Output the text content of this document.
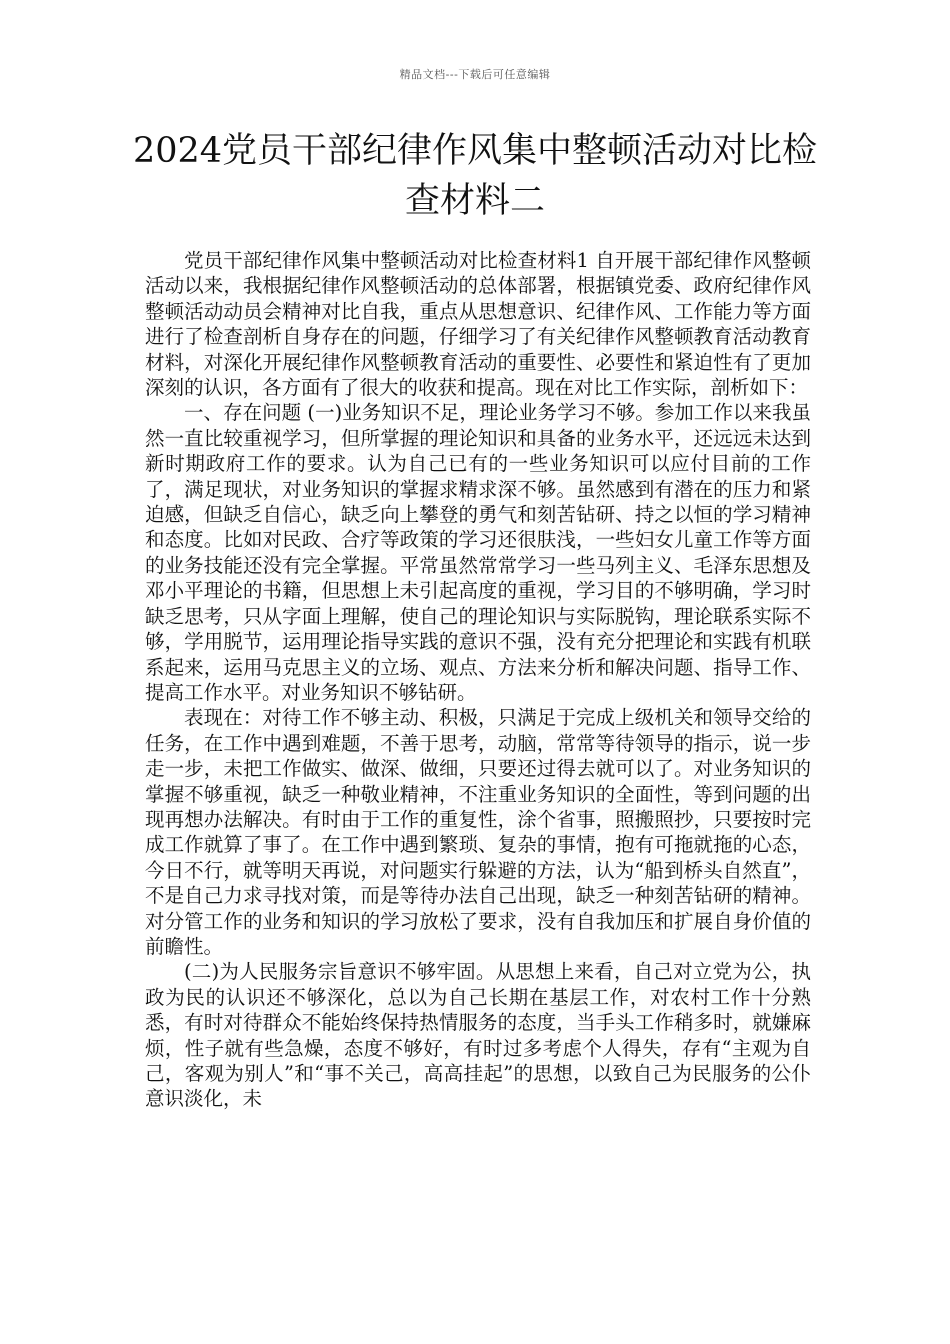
精品文档---下载后可任意编辑
2024党员干部纪律作风集中整顿活动对比检查材料二

党员干部纪律作风集中整顿活动对比检查材料1 自开展干部纪律作风整顿活动以来，我根据纪律作风整顿活动的总体部署，根据镇党委、政府纪律作风整顿活动动员会精神对比自我，重点从思想意识、纪律作风、工作能力等方面进行了检查剖析自身存在的问题，仔细学习了有关纪律作风整顿教育活动教育材料，对深化开展纪律作风整顿教育活动的重要性、必要性和紧迫性有了更加深刻的认识，各方面有了很大的收获和提高。现在对比工作实际，剖析如下：

一、存在问题 (一)业务知识不足，理论业务学习不够。参加工作以来我虽然一直比较重视学习，但所掌握的理论知识和具备的业务水平，还远远未达到新时期政府工作的要求。认为自己已有的一些业务知识可以应付目前的工作了，满足现状，对业务知识的掌握求精求深不够。虽然感到有潜在的压力和紧迫感，但缺乏自信心，缺乏向上攀登的勇气和刻苦钻研、持之以恒的学习精神和态度。比如对民政、合疗等政策的学习还很肤浅，一些妇女儿童工作等方面的业务技能还没有完全掌握。平常虽然常常学习一些马列主义、毛泽东思想及邓小平理论的书籍，但思想上未引起高度的重视，学习目的不够明确，学习时缺乏思考，只从字面上理解，使自己的理论知识与实际脱钩，理论联系实际不够，学用脱节，运用理论指导实践的意识不强，没有充分把理论和实践有机联系起来，运用马克思主义的立场、观点、方法来分析和解决问题、指导工作、提高工作水平。对业务知识不够钻研。

表现在：对待工作不够主动、积极，只满足于完成上级机关和领导交给的任务，在工作中遇到难题，不善于思考，动脑，常常等待领导的指示，说一步走一步，未把工作做实、做深、做细，只要还过得去就可以了。对业务知识的掌握不够重视，缺乏一种敬业精神，不注重业务知识的全面性，等到问题的出现再想办法解决。有时由于工作的重复性，涂个省事，照搬照抄，只要按时完成工作就算了事了。在工作中遇到繁琐、复杂的事情，抱有可拖就拖的心态，今日不行，就等明天再说，对问题实行躲避的方法，认为“船到桥头自然直”，不是自己力求寻找对策，而是等待办法自己出现，缺乏一种刻苦钻研的精神。对分管工作的业务和知识的学习放松了要求，没有自我加压和扩展自身价值的前瞻性。

(二)为人民服务宗旨意识不够牢固。从思想上来看，自己对立党为公，执政为民的认识还不够深化，总以为自己长期在基层工作，对农村工作十分熟悉，有时对待群众不能始终保持热情服务的态度，当手头工作稍多时，就嫌麻烦，性子就有些急燥，态度不够好，有时过多考虑个人得失，存有“主观为自己，客观为别人”和“事不关己，高高挂起”的思想，以致自己为民服务的公仆意识淡化，未
